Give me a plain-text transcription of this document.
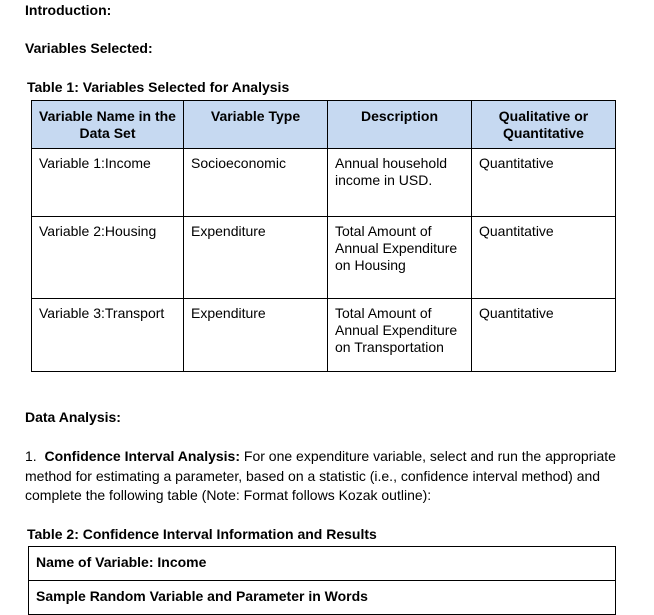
Introduction:
Variables Selected:
Table 1: Variables Selected for Analysis
Variable Name in the Data Set	Variable Type	Description	Qualitative or Quantitative
Variable 1:Income	Socioeconomic	Annual household income in USD.	Quantitative
Variable 2:Housing	Expenditure	Total Amount of Annual Expenditure on Housing	Quantitative
Variable 3:Transport	Expenditure	Total Amount of Annual Expenditure on Transportation	Quantitative
Data Analysis:
1. Confidence Interval Analysis: For one expenditure variable, select and run the appropriate method for estimating a parameter, based on a statistic (i.e., confidence interval method) and complete the following table (Note: Format follows Kozak outline):
Table 2: Confidence Interval Information and Results
Name of Variable: Income
Sample Random Variable and Parameter in Words
